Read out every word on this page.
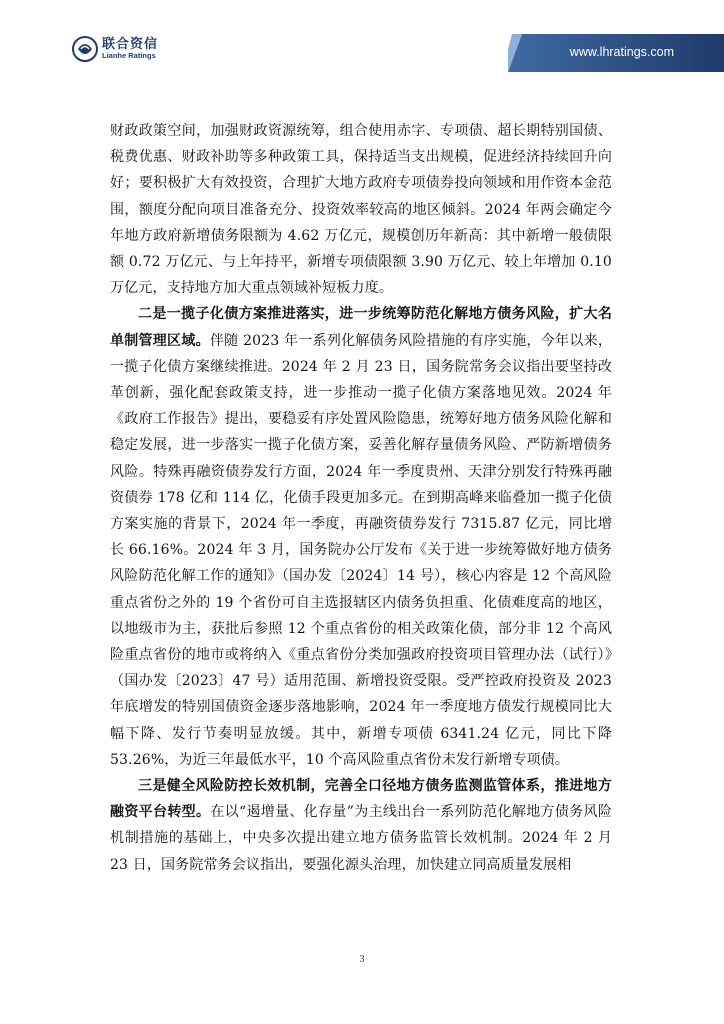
联合资信
Lianhe Ratings	www.lhratings.com

财政政策空间，加强财政资源统筹，组合使用赤字、专项债、超长期特别国债、税费优惠、财政补助等多种政策工具，保持适当支出规模，促进经济持续回升向好；要积极扩大有效投资，合理扩大地方政府专项债券投向领域和用作资本金范围，额度分配向项目准备充分、投资效率较高的地区倾斜。2024 年两会确定今年地方政府新增债务限额为 4.62 万亿元，规模创历年新高：其中新增一般债限额 0.72 万亿元、与上年持平，新增专项债限额 3.90 万亿元、较上年增加 0.10 万亿元，支持地方加大重点领域补短板力度。

二是一揽子化债方案推进落实，进一步统筹防范化解地方债务风险，扩大名单制管理区域。伴随 2023 年一系列化解债务风险措施的有序实施，今年以来，一揽子化债方案继续推进。2024 年 2 月 23 日，国务院常务会议指出要坚持改革创新，强化配套政策支持，进一步推动一揽子化债方案落地见效。2024 年《政府工作报告》提出，要稳妥有序处置风险隐患，统筹好地方债务风险化解和稳定发展，进一步落实一揽子化债方案，妥善化解存量债务风险、严防新增债务风险。特殊再融资债券发行方面，2024 年一季度贵州、天津分别发行特殊再融资债券 178 亿和 114 亿，化债手段更加多元。在到期高峰来临叠加一揽子化债方案实施的背景下，2024 年一季度，再融资债券发行 7315.87 亿元，同比增长 66.16%。2024 年 3 月，国务院办公厅发布《关于进一步统筹做好地方债务风险防范化解工作的通知》（国办发〔2024〕14 号），核心内容是 12 个高风险重点省份之外的 19 个省份可自主选报辖区内债务负担重、化债难度高的地区，以地级市为主，获批后参照 12 个重点省份的相关政策化债，部分非 12 个高风险重点省份的地市或将纳入《重点省份分类加强政府投资项目管理办法（试行）》（国办发〔2023〕47 号）适用范围、新增投资受限。受严控政府投资及 2023 年底增发的特别国债资金逐步落地影响，2024 年一季度地方债发行规模同比大幅下降、发行节奏明显放缓。其中，新增专项债 6341.24 亿元，同比下降 53.26%，为近三年最低水平，10 个高风险重点省份未发行新增专项债。

三是健全风险防控长效机制，完善全口径地方债务监测监管体系，推进地方融资平台转型。在以“遏增量、化存量”为主线出台一系列防范化解地方债务风险机制措施的基础上，中央多次提出建立地方债务监管长效机制。2024 年 2 月 23 日，国务院常务会议指出，要强化源头治理，加快建立同高质量发展相

3
